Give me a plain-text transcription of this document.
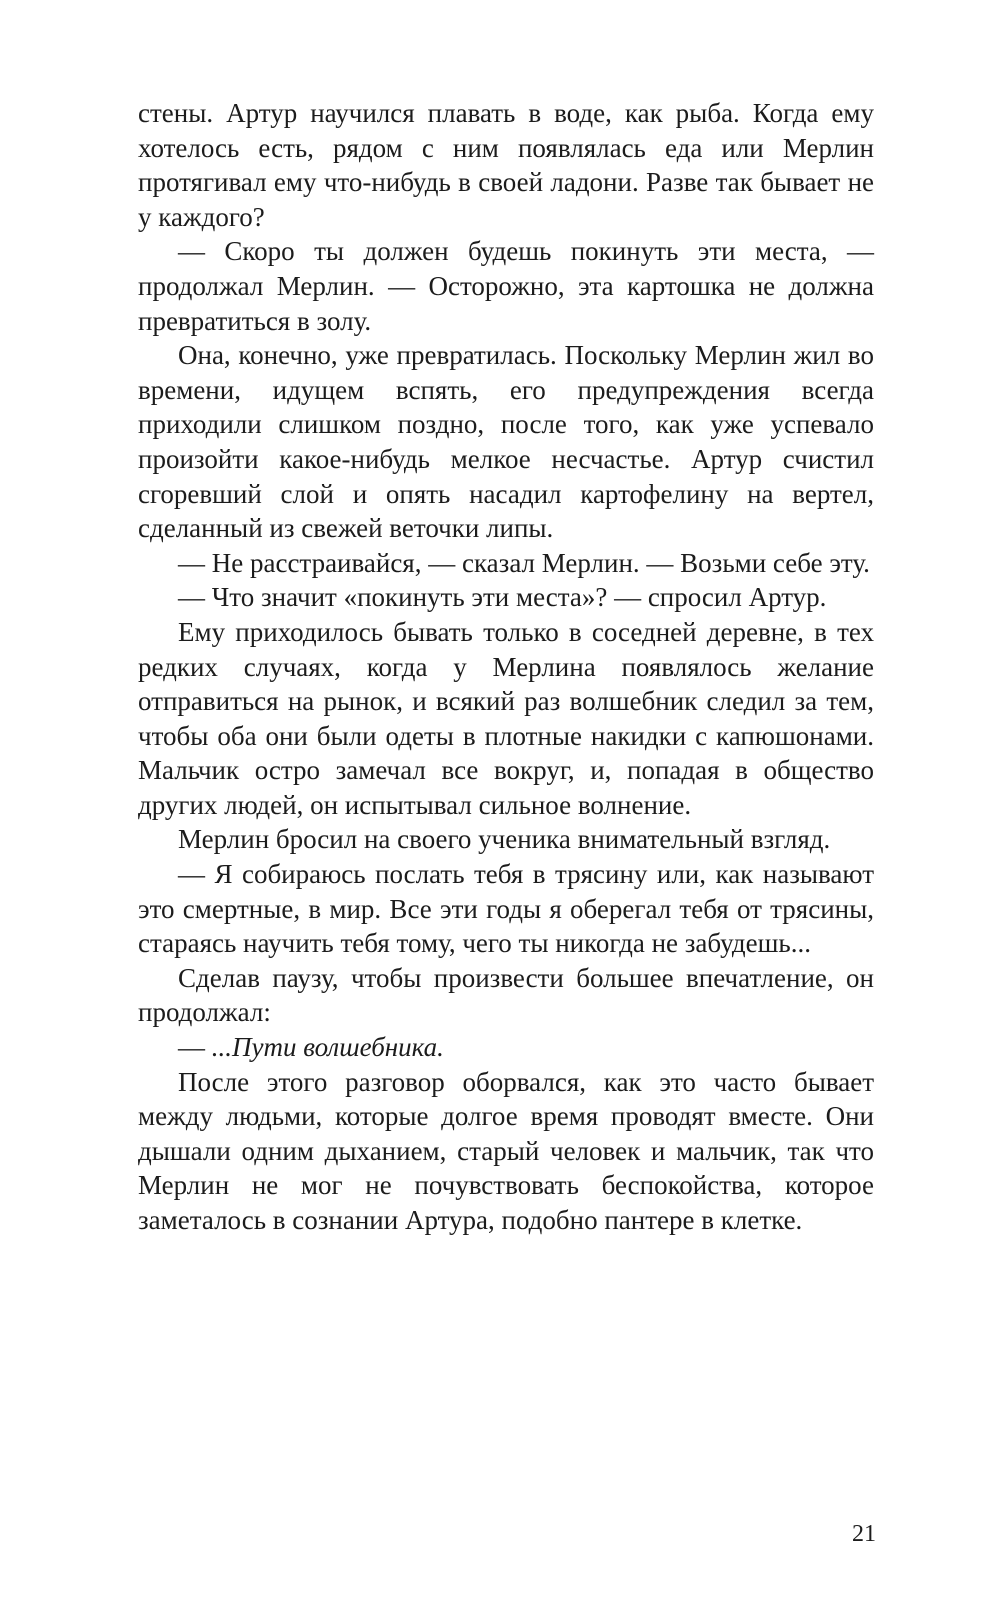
стены. Артур научился плавать в воде, как рыба. Когда ему хотелось есть, рядом с ним появлялась еда или Мерлин протягивал ему что-нибудь в своей ладони. Разве так бывает не у каждого?

— Скоро ты должен будешь покинуть эти места, — продолжал Мерлин. — Осторожно, эта картошка не должна превратиться в золу.

Она, конечно, уже превратилась. Поскольку Мерлин жил во времени, идущем вспять, его предупреждения всегда приходили слишком поздно, после того, как уже успевало произойти какое-нибудь мелкое несчастье. Артур счистил сгоревший слой и опять насадил картофелину на вертел, сделанный из свежей веточки липы.

— Не расстраивайся, — сказал Мерлин. — Возьми себе эту.

— Что значит «покинуть эти места»? — спросил Артур.

Ему приходилось бывать только в соседней деревне, в тех редких случаях, когда у Мерлина появлялось желание отправиться на рынок, и всякий раз волшебник следил за тем, чтобы оба они были одеты в плотные накидки с капюшонами. Мальчик остро замечал все вокруг, и, попадая в общество других людей, он испытывал сильное волнение.

Мерлин бросил на своего ученика внимательный взгляд.

— Я собираюсь послать тебя в трясину или, как называют это смертные, в мир. Все эти годы я оберегал тебя от трясины, стараясь научить тебя тому, чего ты никогда не забудешь...

Сделав паузу, чтобы произвести большее впечатление, он продолжал:

— ...Пути волшебника.

После этого разговор оборвался, как это часто бывает между людьми, которые долгое время проводят вместе. Они дышали одним дыханием, старый человек и мальчик, так что Мерлин не мог не почувствовать беспокойства, которое заметалось в сознании Артура, подобно пантере в клетке.

21
